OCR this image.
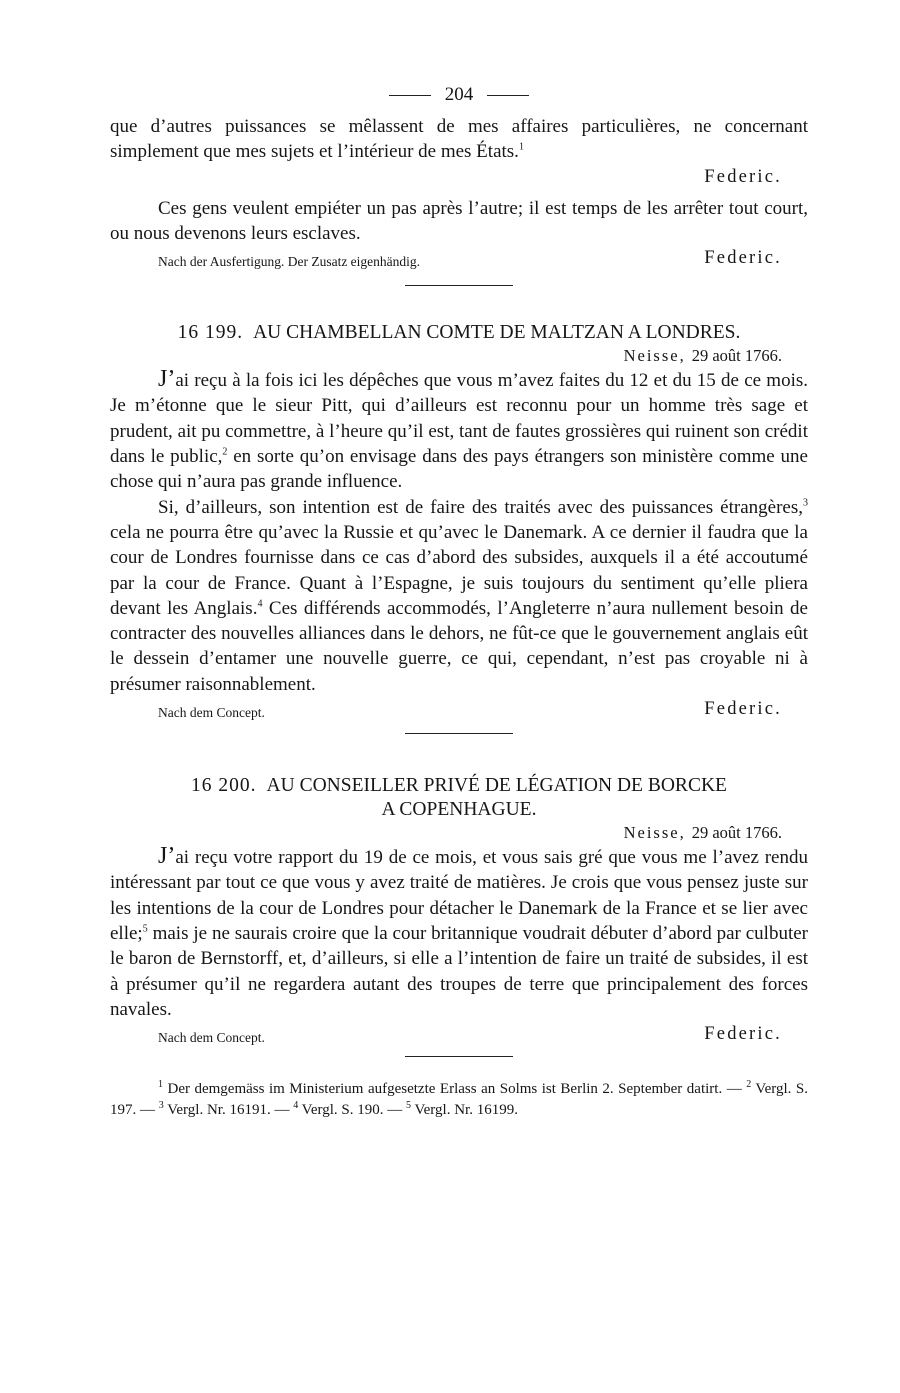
204

que d’autres puissances se mêlassent de mes affaires particulières, ne concernant simplement que mes sujets et l’intérieur de mes États.$^1$

Federic.

Ces gens veulent empiéter un pas après l’autre; il est temps de les arrêter tout court, ou nous devenons leurs esclaves.

Nach der Ausfertigung. Der Zusatz eigenhändig.	Federic.
16 199. AU CHAMBELLAN COMTE DE MALTZAN A LONDRES.
Neisse, 29 août 1766.

J’ai reçu à la fois ici les dépêches que vous m’avez faites du 12 et du 15 de ce mois. Je m’étonne que le sieur Pitt, qui d’ailleurs est reconnu pour un homme très sage et prudent, ait pu commettre, à l’heure qu’il est, tant de fautes grossières qui ruinent son crédit dans le public,$^2$ en sorte qu’on envisage dans des pays étrangers son ministère comme une chose qui n’aura pas grande influence.

Si, d’ailleurs, son intention est de faire des traités avec des puissances étrangères,$^3$ cela ne pourra être qu’avec la Russie et qu’avec le Danemark. A ce dernier il faudra que la cour de Londres fournisse dans ce cas d’abord des subsides, auxquels il a été accoutumé par la cour de France. Quant à l’Espagne, je suis toujours du sentiment qu’elle pliera devant les Anglais.$^4$ Ces différends accommodés, l’Angleterre n’aura nullement besoin de contracter des nouvelles alliances dans le dehors, ne fût-ce que le gouvernement anglais eût le dessein d’entamer une nouvelle guerre, ce qui, cependant, n’est pas croyable ni à présumer raisonnablement.

Nach dem Concept.	Federic.
16 200. AU CONSEILLER PRIVÉ DE LÉGATION DE BORCKE
A COPENHAGUE.
Neisse, 29 août 1766.

J’ai reçu votre rapport du 19 de ce mois, et vous sais gré que vous me l’avez rendu intéressant par tout ce que vous y avez traité de matières. Je crois que vous pensez juste sur les intentions de la cour de Londres pour détacher le Danemark de la France et se lier avec elle;$^5$ mais je ne saurais croire que la cour britannique voudrait débuter d’abord par culbuter le baron de Bernstorff, et, d’ailleurs, si elle a l’intention de faire un traité de subsides, il est à présumer qu’il ne regardera autant des troupes de terre que principalement des forces navales.

Nach dem Concept.	Federic.

$^1$ Der demgemäss im Ministerium aufgesetzte Erlass an Solms ist Berlin 2. September datirt. — $^2$ Vergl. S. 197. — $^3$ Vergl. Nr. 16191. — $^4$ Vergl. S. 190. — $^5$ Vergl. Nr. 16199.
